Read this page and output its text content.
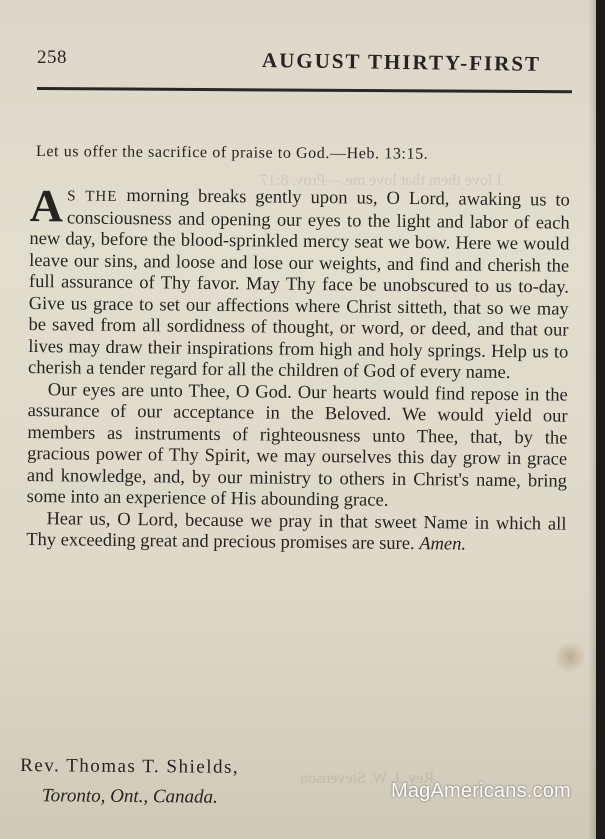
I love them that love me.—Prov. 8:17
Rev. J. W. Stevenson
258	AUGUST THIRTY-FIRST
Let us offer the sacrifice of praise to God.—Heb. 13:15.

A S THE morning breaks gently upon us, O Lord, awaking us to consciousness and opening our eyes to the light and labor of each new day, before the blood-sprinkled mercy seat we bow. Here we would leave our sins, and loose and lose our weights, and find and cherish the full assurance of Thy favor. May Thy face be unobscured to us to-day. Give us grace to set our affections where Christ sitteth, that so we may be saved from all sordidness of thought, or word, or deed, and that our lives may draw their inspirations from high and holy springs. Help us to cherish a tender regard for all the children of God of every name.

Our eyes are unto Thee, O God. Our hearts would find repose in the assurance of our acceptance in the Beloved. We would yield our members as instruments of righteousness unto Thee, that, by the gracious power of Thy Spirit, we may ourselves this day grow in grace and knowledge, and, by our ministry to others in Christ's name, bring some into an experience of His abounding grace.

Hear us, O Lord, because we pray in that sweet Name in which all Thy exceeding great and precious promises are sure. Amen.

Rev. Thomas T. Shields,
Toronto, Ont., Canada.	MagAmericans.com
